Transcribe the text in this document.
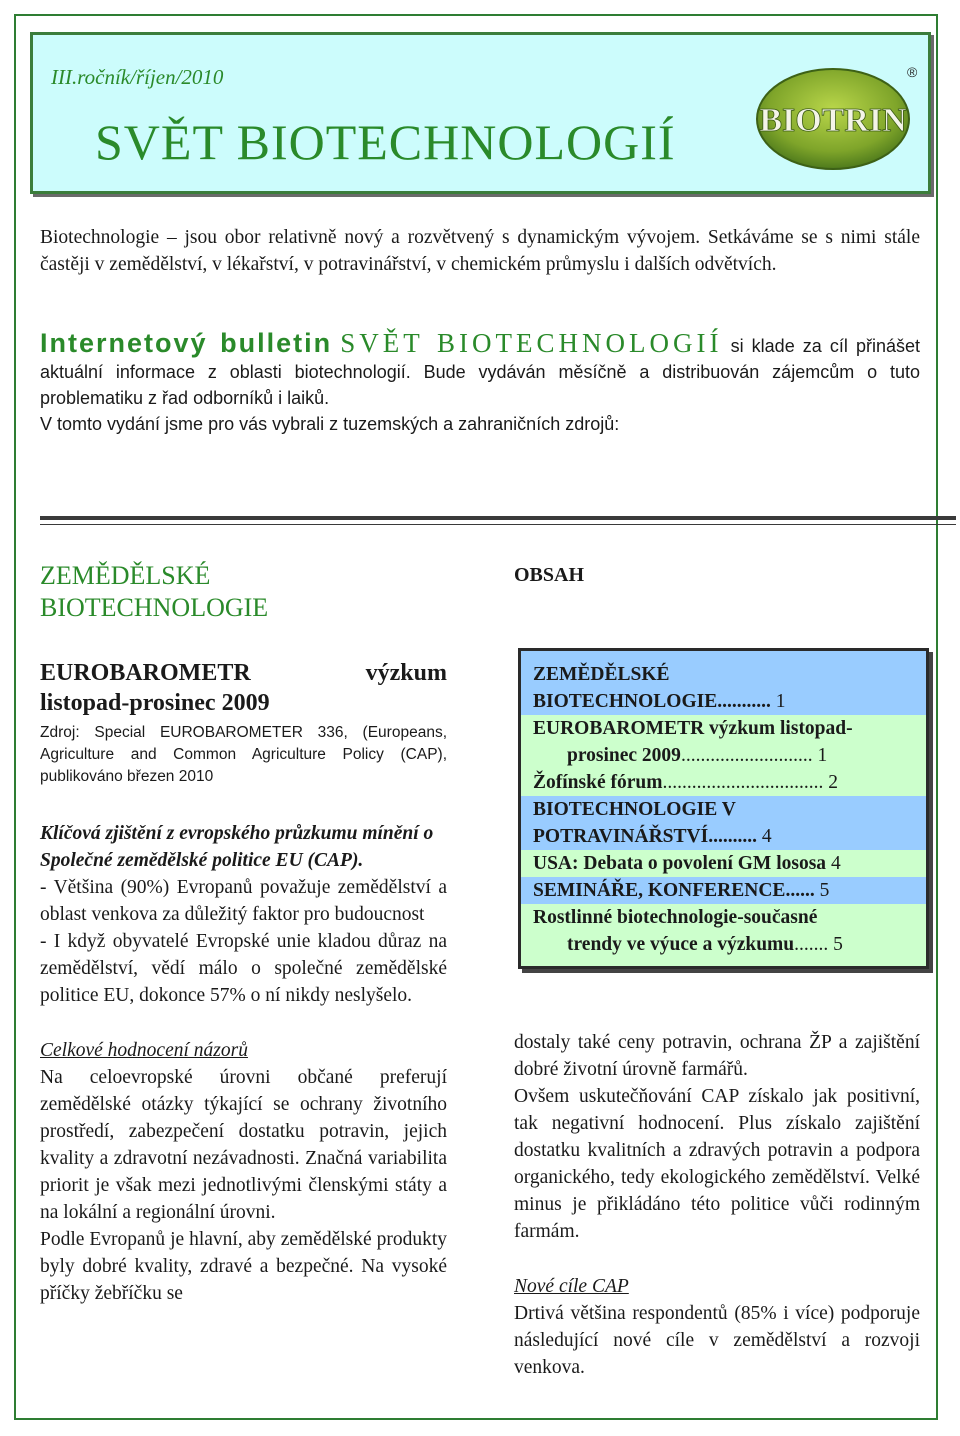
III.ročník/říjen/2010
SVĚT BIOTECHNOLOGIÍ BIOTRIN
®

Biotechnologie – jsou obor relativně nový a rozvětvený s dynamickým vývojem. Setkáváme se s nimi stále častěji v zemědělství, v lékařství, v potravinářství, v chemickém průmyslu i dalších odvětvích.

Internetový bulletin SVĚT BIOTECHNOLOGIÍ si klade za cíl přinášet aktuální informace z oblasti biotechnologií. Bude vydáván měsíčně a distribuován zájemcům o tuto problematiku z řad odborníků i laiků.

V tomto vydání jsme pro vás vybrali z tuzemských a zahraničních zdrojů:

ZEMĚDĚLSKÉ
BIOTECHNOLOGIE
EUROBAROMETR	výzkum

listopad-prosinec 2009
Zdroj: Special EUROBAROMETER 336, (Europeans, Agriculture and Common Agriculture Policy (CAP), publikováno březen 2010
Klíčová zjištění z evropského průzkumu mínění o Společné zemědělské politice EU (CAP).

- Většina (90%) Evropanů považuje zemědělství a oblast venkova za důležitý faktor pro budoucnost

- I když obyvatelé Evropské unie kladou důraz na zemědělství, vědí málo o společné zemědělské politice EU, dokonce 57% o ní nikdy neslyšelo.

Celkové hodnocení názorů

Na celoevropské úrovni občané preferují zemědělské otázky týkající se ochrany životního prostředí, zabezpečení dostatku potravin, jejich kvality a zdravotní nezávadnosti. Značná variabilita priorit je však mezi jednotlivými členskými státy a na lokální a regionální úrovni.

Podle Evropanů je hlavní, aby zemědělské produkty byly dobré kvality, zdravé a bezpečné. Na vysoké příčky žebříčku se

OBSAH
ZEMĚDĚLSKÉ
BIOTECHNOLOGIE........... 1
EUROBAROMETR výzkum listopad-
prosinec 2009........................... 1
Žofínské fórum................................. 2
BIOTECHNOLOGIE V
POTRAVINÁŘSTVÍ.......... 4
USA: Debata o povolení GM lososa 4
SEMINÁŘE, KONFERENCE...... 5
Rostlinné biotechnologie-současné
trendy ve výuce a výzkumu....... 5

dostaly také ceny potravin, ochrana ŽP a zajištění dobré životní úrovně farmářů.

Ovšem uskutečňování CAP získalo jak positivní, tak negativní hodnocení. Plus získalo zajištění dostatku kvalitních a zdravých potravin a podpora organického, tedy ekologického zemědělství. Velké minus je přikládáno této politice vůči rodinným farmám.

Nové cíle CAP

Drtivá většina respondentů (85% i více) podporuje následující nové cíle v zemědělství a rozvoji venkova.
